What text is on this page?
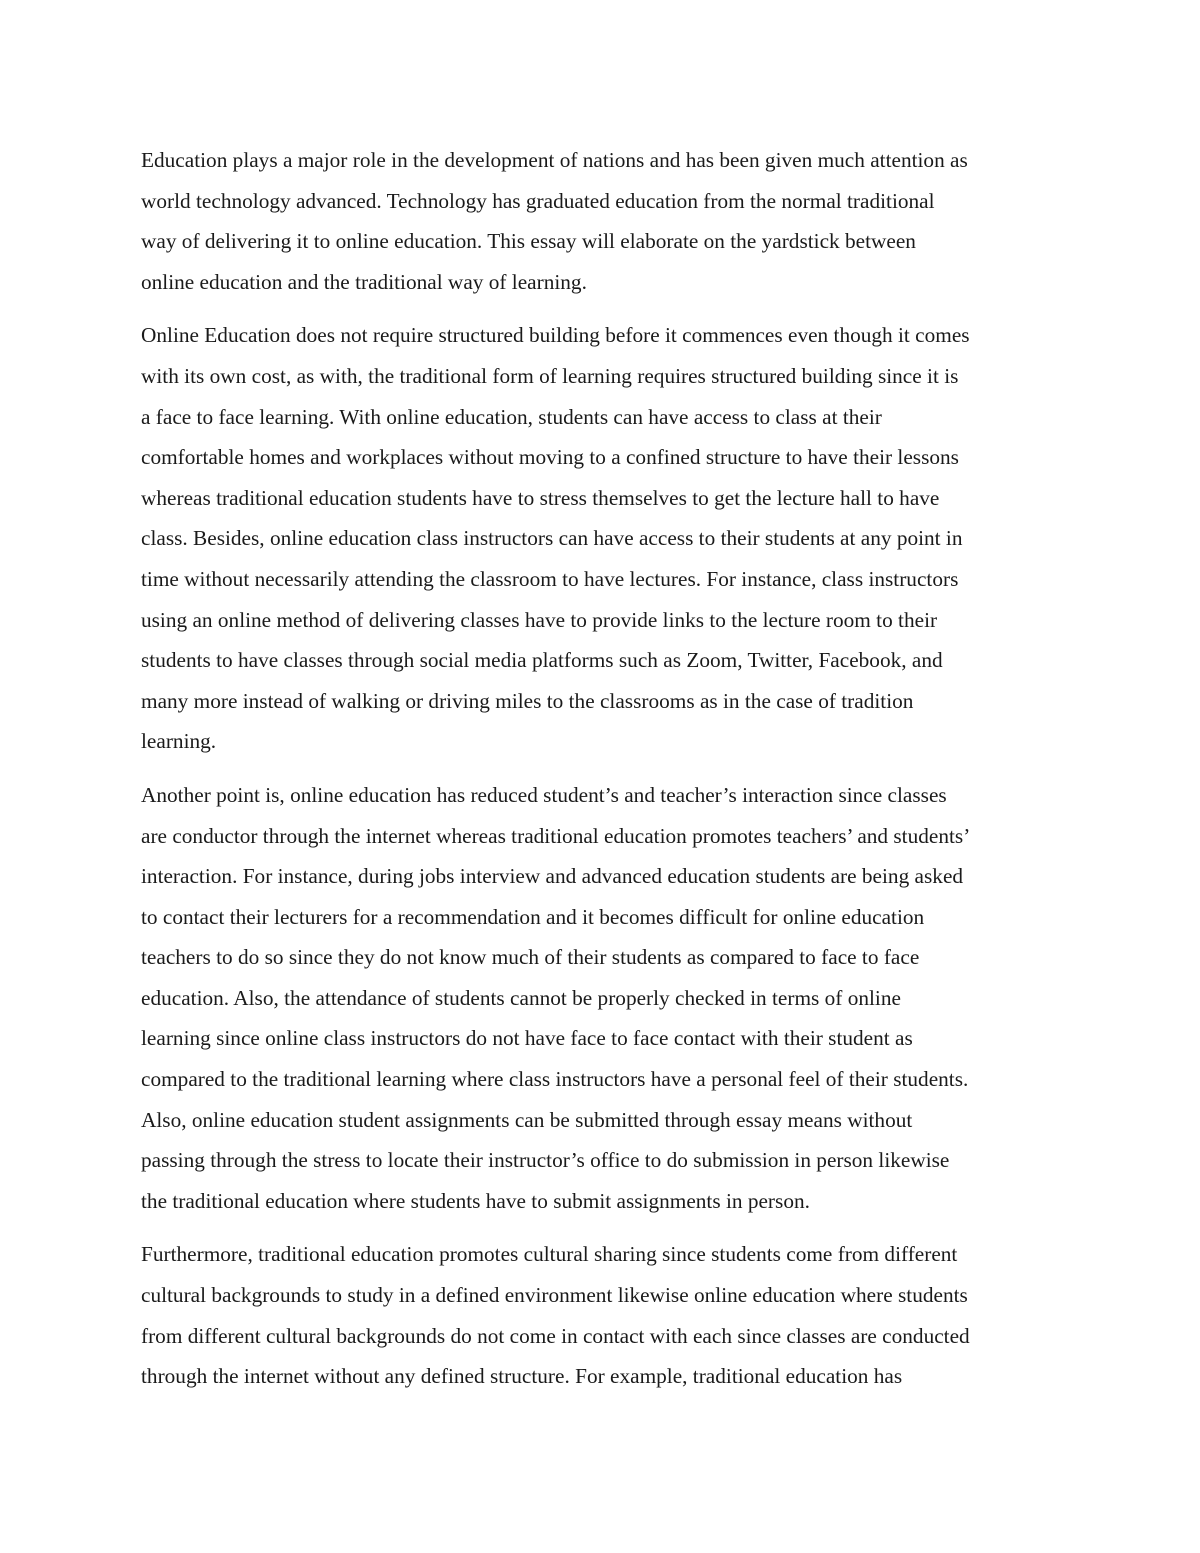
Education plays a major role in the development of nations and has been given much attention as
world technology advanced. Technology has graduated education from the normal traditional
way of delivering it to online education. This essay will elaborate on the yardstick between
online education and the traditional way of learning.

Online Education does not require structured building before it commences even though it comes
with its own cost, as with, the traditional form of learning requires structured building since it is
a face to face learning. With online education, students can have access to class at their
comfortable homes and workplaces without moving to a confined structure to have their lessons
whereas traditional education students have to stress themselves to get the lecture hall to have
class. Besides, online education class instructors can have access to their students at any point in
time without necessarily attending the classroom to have lectures. For instance, class instructors
using an online method of delivering classes have to provide links to the lecture room to their
students to have classes through social media platforms such as Zoom, Twitter, Facebook, and
many more instead of walking or driving miles to the classrooms as in the case of tradition
learning.

Another point is, online education has reduced student’s and teacher’s interaction since classes
are conductor through the internet whereas traditional education promotes teachers’ and students’
interaction. For instance, during jobs interview and advanced education students are being asked
to contact their lecturers for a recommendation and it becomes difficult for online education
teachers to do so since they do not know much of their students as compared to face to face
education. Also, the attendance of students cannot be properly checked in terms of online
learning since online class instructors do not have face to face contact with their student as
compared to the traditional learning where class instructors have a personal feel of their students.
Also, online education student assignments can be submitted through essay means without
passing through the stress to locate their instructor’s office to do submission in person likewise
the traditional education where students have to submit assignments in person.

Furthermore, traditional education promotes cultural sharing since students come from different
cultural backgrounds to study in a defined environment likewise online education where students
from different cultural backgrounds do not come in contact with each since classes are conducted
through the internet without any defined structure. For example, traditional education has
